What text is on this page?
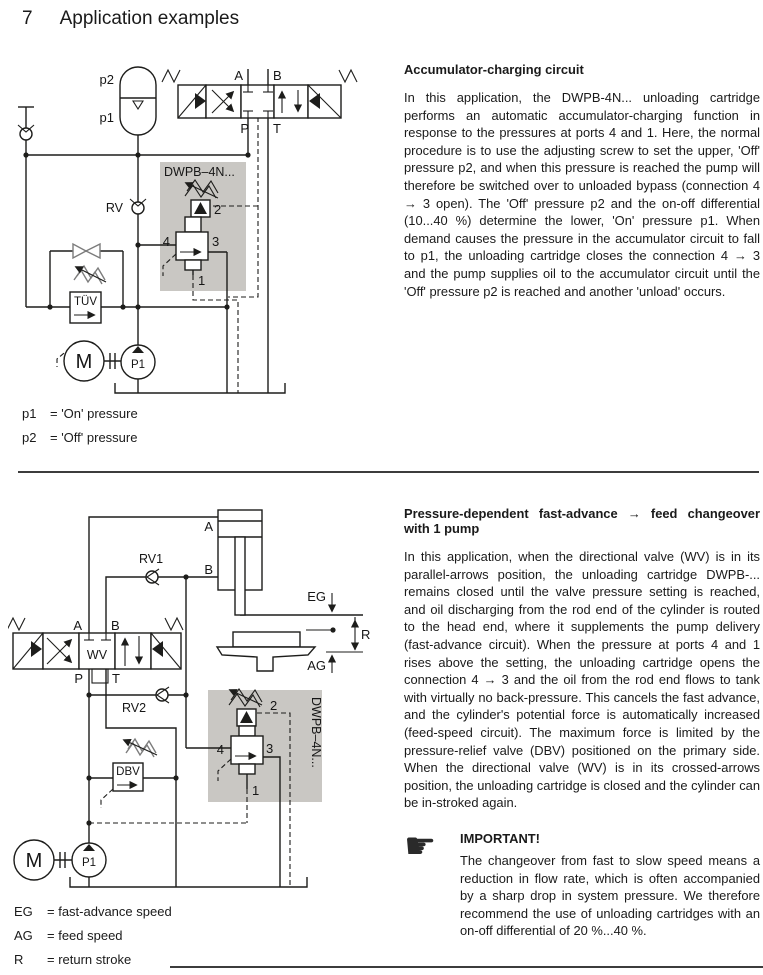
7 Application examples
p2
p1
A B
P T
RV
DWPB–4N...
2
4	3
1
TÜV
M	P1
p1	= 'On' pressure
p2	= 'Off' pressure
Accumulator-charging circuit

In this application, the DWPB-4N... unloading cartridge performs an automatic accumulator-charging function in response to the pressures at ports 4 and 1. Here, the normal procedure is to use the adjusting screw to set the upper, 'Off' pressure p2, and when this pressure is reached the pump will therefore be switched over to unloaded bypass (connection 4 → 3 open). The 'Off' pressure p2 and the on-off differential (10...40 %) determine the lower, 'On' pressure p1. When demand causes the pressure in the accumulator circuit to fall to p1, the unloading cartridge closes the connection 4 → 3 and the pump supplies oil to the accumulator circuit until the 'Off' pressure p2 is reached and another 'unload' occurs.

A
B
EG
R
AG
RV1
WV
A B
P T
RV2	DWPB–4N...
2
4	3
1
DBV
M	P1
EG	= fast-advance speed
AG	= feed speed
R	= return stroke
Pressure-dependent fast-advance → feed changeover with 1 pump

In this application, when the directional valve (WV) is in its parallel-arrows position, the unloading cartridge DWPB-... remains closed until the valve pressure setting is reached, and oil discharging from the rod end of the cylinder is routed to the head end, where it supplements the pump delivery (fast-advance circuit). When the pressure at ports 4 and 1 rises above the setting, the unloading cartridge opens the connection 4 → 3 and the oil from the rod end flows to tank with virtually no back-pressure. This cancels the fast advance, and the cylinder's potential force is automatically increased (feed-speed circuit). The maximum force is limited by the pressure-relief valve (DBV) positioned on the primary side. When the directional valve (WV) is in its crossed-arrows position, the unloading cartridge is closed and the cylinder can be in-stroked again.

☛	IMPORTANT!

The changeover from fast to slow speed means a reduction in flow rate, which is often accompanied by a sharp drop in system pressure. We therefore recommend the use of unloading cartridges with an on-off differential of 20 %...40 %.
